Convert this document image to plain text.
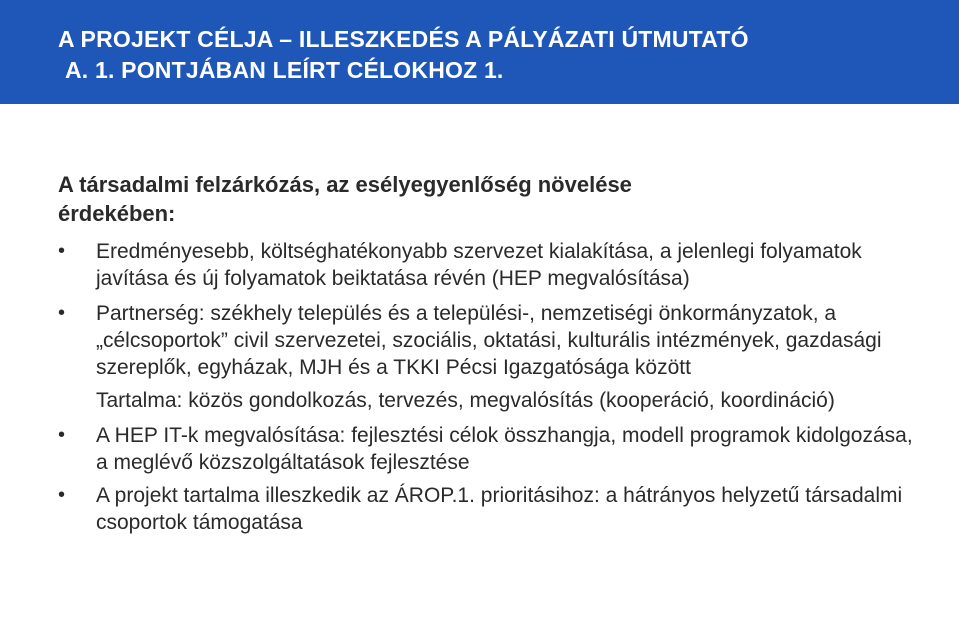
A PROJEKT CÉLJA – ILLESZKEDÉS A PÁLYÁZATI ÚTMUTATÓ
A. 1. PONTJÁBAN LEÍRT CÉLOKHOZ 1.

A társadalmi felzárkózás, az esélyegyenlőség növelése
érdekében:

•	Eredményesebb, költséghatékonyabb szervezet kialakítása, a jelenlegi folyamatok javítása és új folyamatok beiktatása révén (HEP megvalósítása)
•	Partnerség: székhely település és a települési-, nemzetiségi önkormányzatok, a „célcsoportok” civil szervezetei, szociális, oktatási, kulturális intézmények, gazdasági szereplők, egyházak, MJH és a TKKI Pécsi Igazgatósága között
Tartalma: közös gondolkozás, tervezés, megvalósítás (kooperáció, koordináció)
•	A HEP IT-k megvalósítása: fejlesztési célok összhangja, modell programok kidolgozása, a meglévő közszolgáltatások fejlesztése
•	A projekt tartalma illeszkedik az ÁROP.1. prioritásihoz: a hátrányos helyzetű társadalmi csoportok támogatása
